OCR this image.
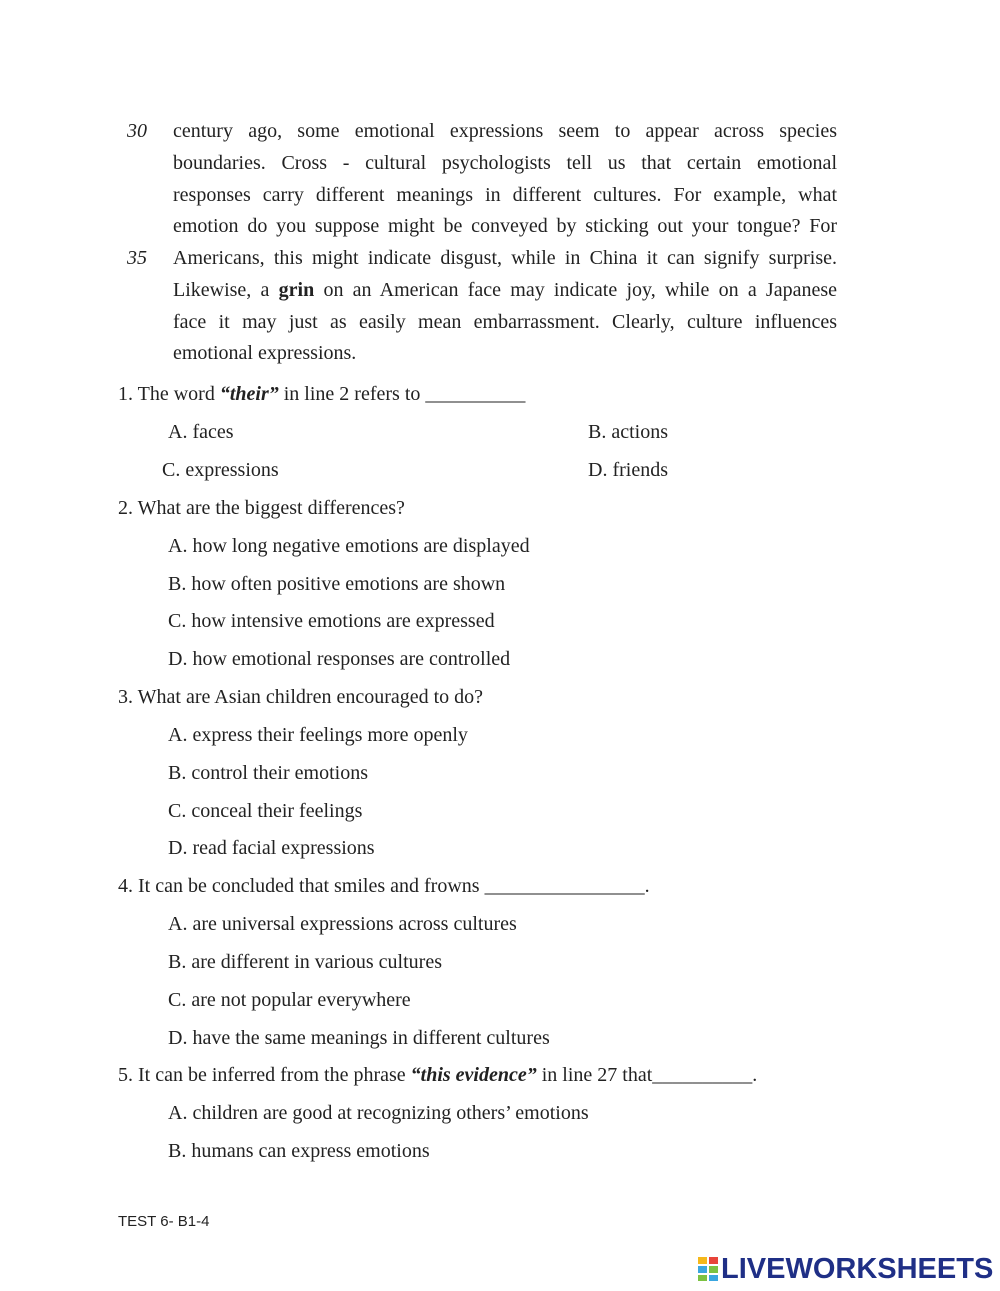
30 century ago, some emotional expressions seem to appear across species
boundaries. Cross - cultural psychologists tell us that certain emotional
responses carry different meanings in different cultures. For example, what
emotion do you suppose might be conveyed by sticking out your tongue? For
35 Americans, this might indicate disgust, while in China it can signify surprise.
Likewise, a grin on an American face may indicate joy, while on a Japanese
face it may just as easily mean embarrassment. Clearly, culture influences
emotional expressions.
1. The word “their” in line 2 refers to __________
A. faces	B. actions
C. expressions	D. friends
2. What are the biggest differences?
A. how long negative emotions are displayed
B. how often positive emotions are shown
C. how intensive emotions are expressed
D. how emotional responses are controlled
3. What are Asian children encouraged to do?
A. express their feelings more openly
B. control their emotions
C. conceal their feelings
D. read facial expressions
4. It can be concluded that smiles and frowns ________________.
A. are universal expressions across cultures
B. are different in various cultures
C. are not popular everywhere
D. have the same meanings in different cultures
5. It can be inferred from the phrase “this evidence” in line 27 that__________.
A. children are good at recognizing others’ emotions
B. humans can express emotions
TEST 6- B1-4
LIVEWORKSHEETS
